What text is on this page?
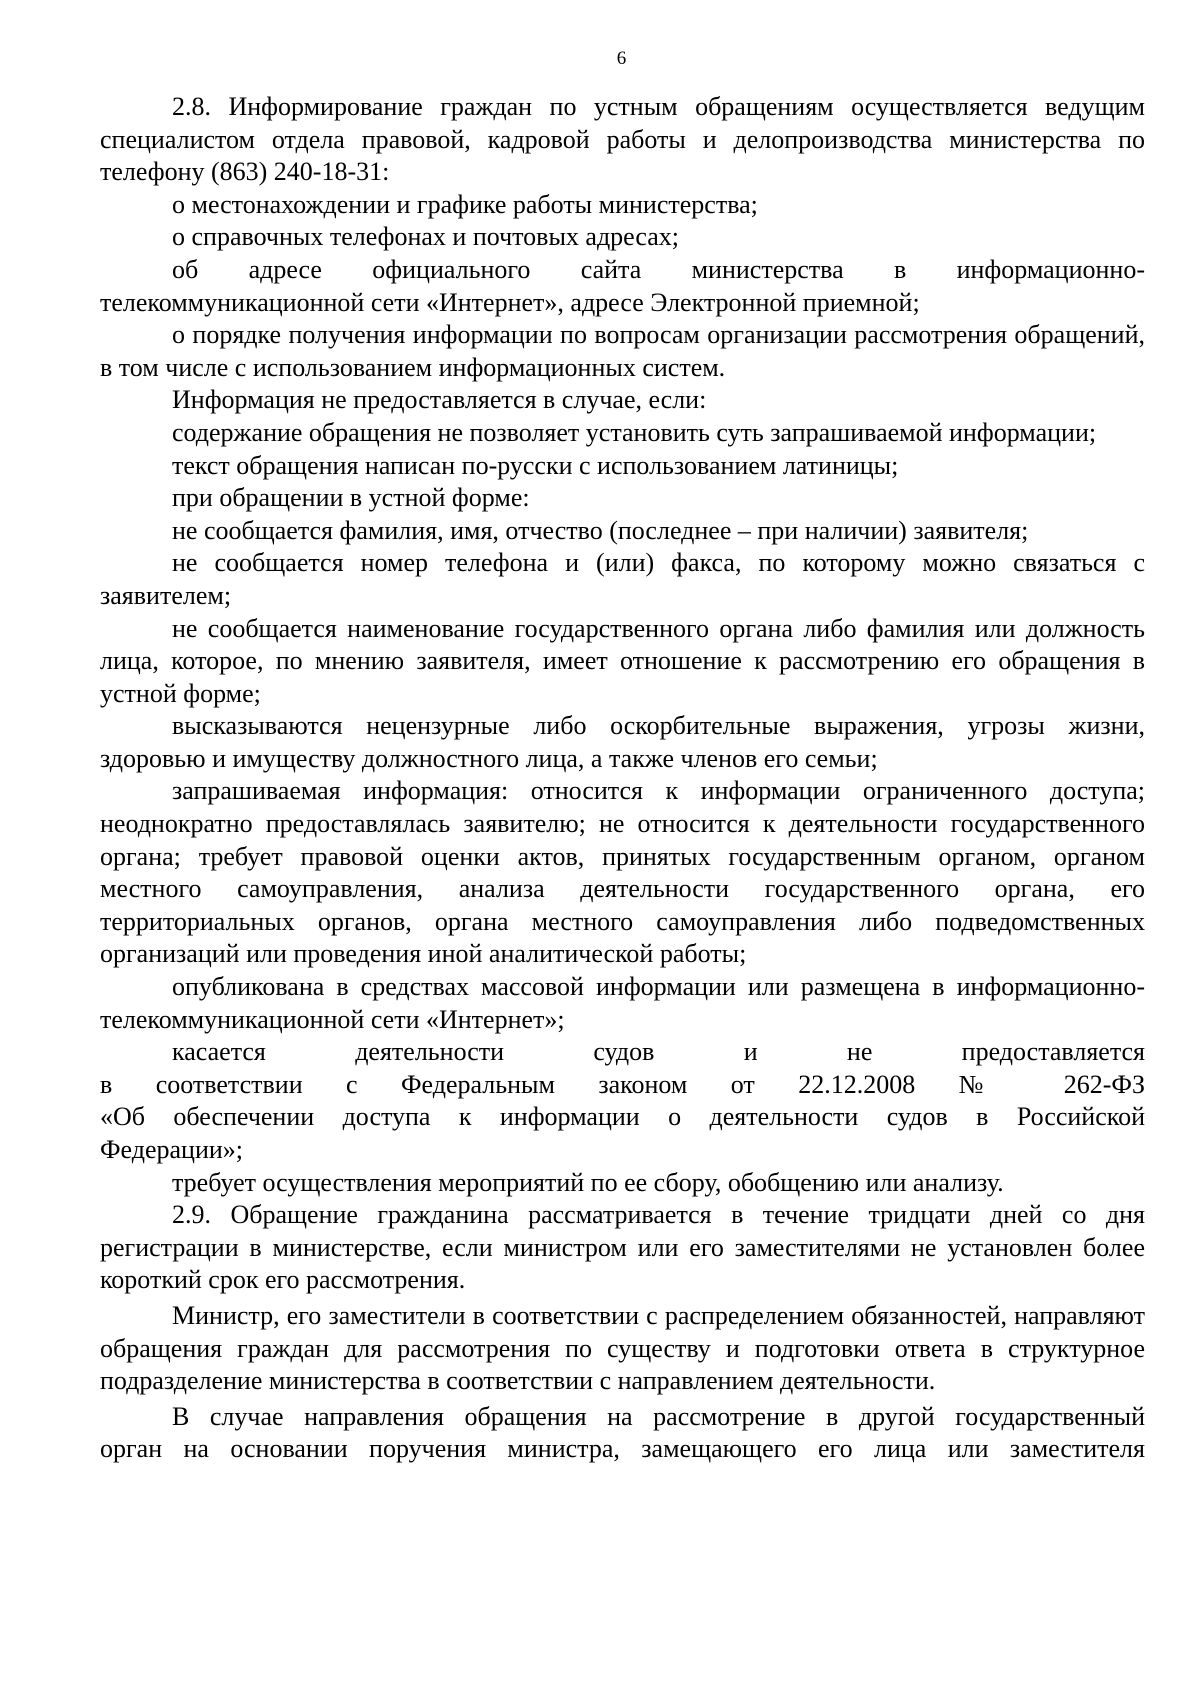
6

2.8. Информирование граждан по устным обращениям осуществляется ведущим специалистом отдела правовой, кадровой работы и делопроизводства министерства по телефону (863) 240-18-31:

о местонахождении и графике работы министерства;

о справочных телефонах и почтовых адресах;

об адресе официального сайта министерства в информационно-телекоммуникационной сети «Интернет», адресе Электронной приемной;

о порядке получения информации по вопросам организации рассмотрения обращений, в том числе с использованием информационных систем.

Информация не предоставляется в случае, если:

содержание обращения не позволяет установить суть запрашиваемой информации;

текст обращения написан по-русски с использованием латиницы;

при обращении в устной форме:

не сообщается фамилия, имя, отчество (последнее – при наличии) заявителя;

не сообщается номер телефона и (или) факса, по которому можно связаться с заявителем;

не сообщается наименование государственного органа либо фамилия или должность лица, которое, по мнению заявителя, имеет отношение к рассмотрению его обращения в устной форме;

высказываются нецензурные либо оскорбительные выражения, угрозы жизни, здоровью и имуществу должностного лица, а также членов его семьи;

запрашиваемая информация: относится к информации ограниченного доступа; неоднократно предоставлялась заявителю; не относится к деятельности государственного органа; требует правовой оценки актов, принятых государственным органом, органом местного самоуправления, анализа деятельности государственного органа, его территориальных органов, органа местного самоуправления либо подведомственных организаций или проведения иной аналитической работы;

опубликована в средствах массовой информации или размещена в информационно-телекоммуникационной сети «Интернет»;

касается деятельности судов и не предоставляется
в соответствии с Федеральным законом от 22.12.2008 № 262-ФЗ
«Об обеспечении доступа к информации о деятельности судов в Российской
Федерации»;

требует осуществления мероприятий по ее сбору, обобщению или анализу.

2.9. Обращение гражданина рассматривается в течение тридцати дней со дня регистрации в министерстве, если министром или его заместителями не установлен более короткий срок его рассмотрения.

Министр, его заместители в соответствии с распределением обязанностей, направляют обращения граждан для рассмотрения по существу и подготовки ответа в структурное подразделение министерства в соответствии с направлением деятельности.

В случае направления обращения на рассмотрение в другой государственный
орган на основании поручения министра, замещающего его лица или заместителя
